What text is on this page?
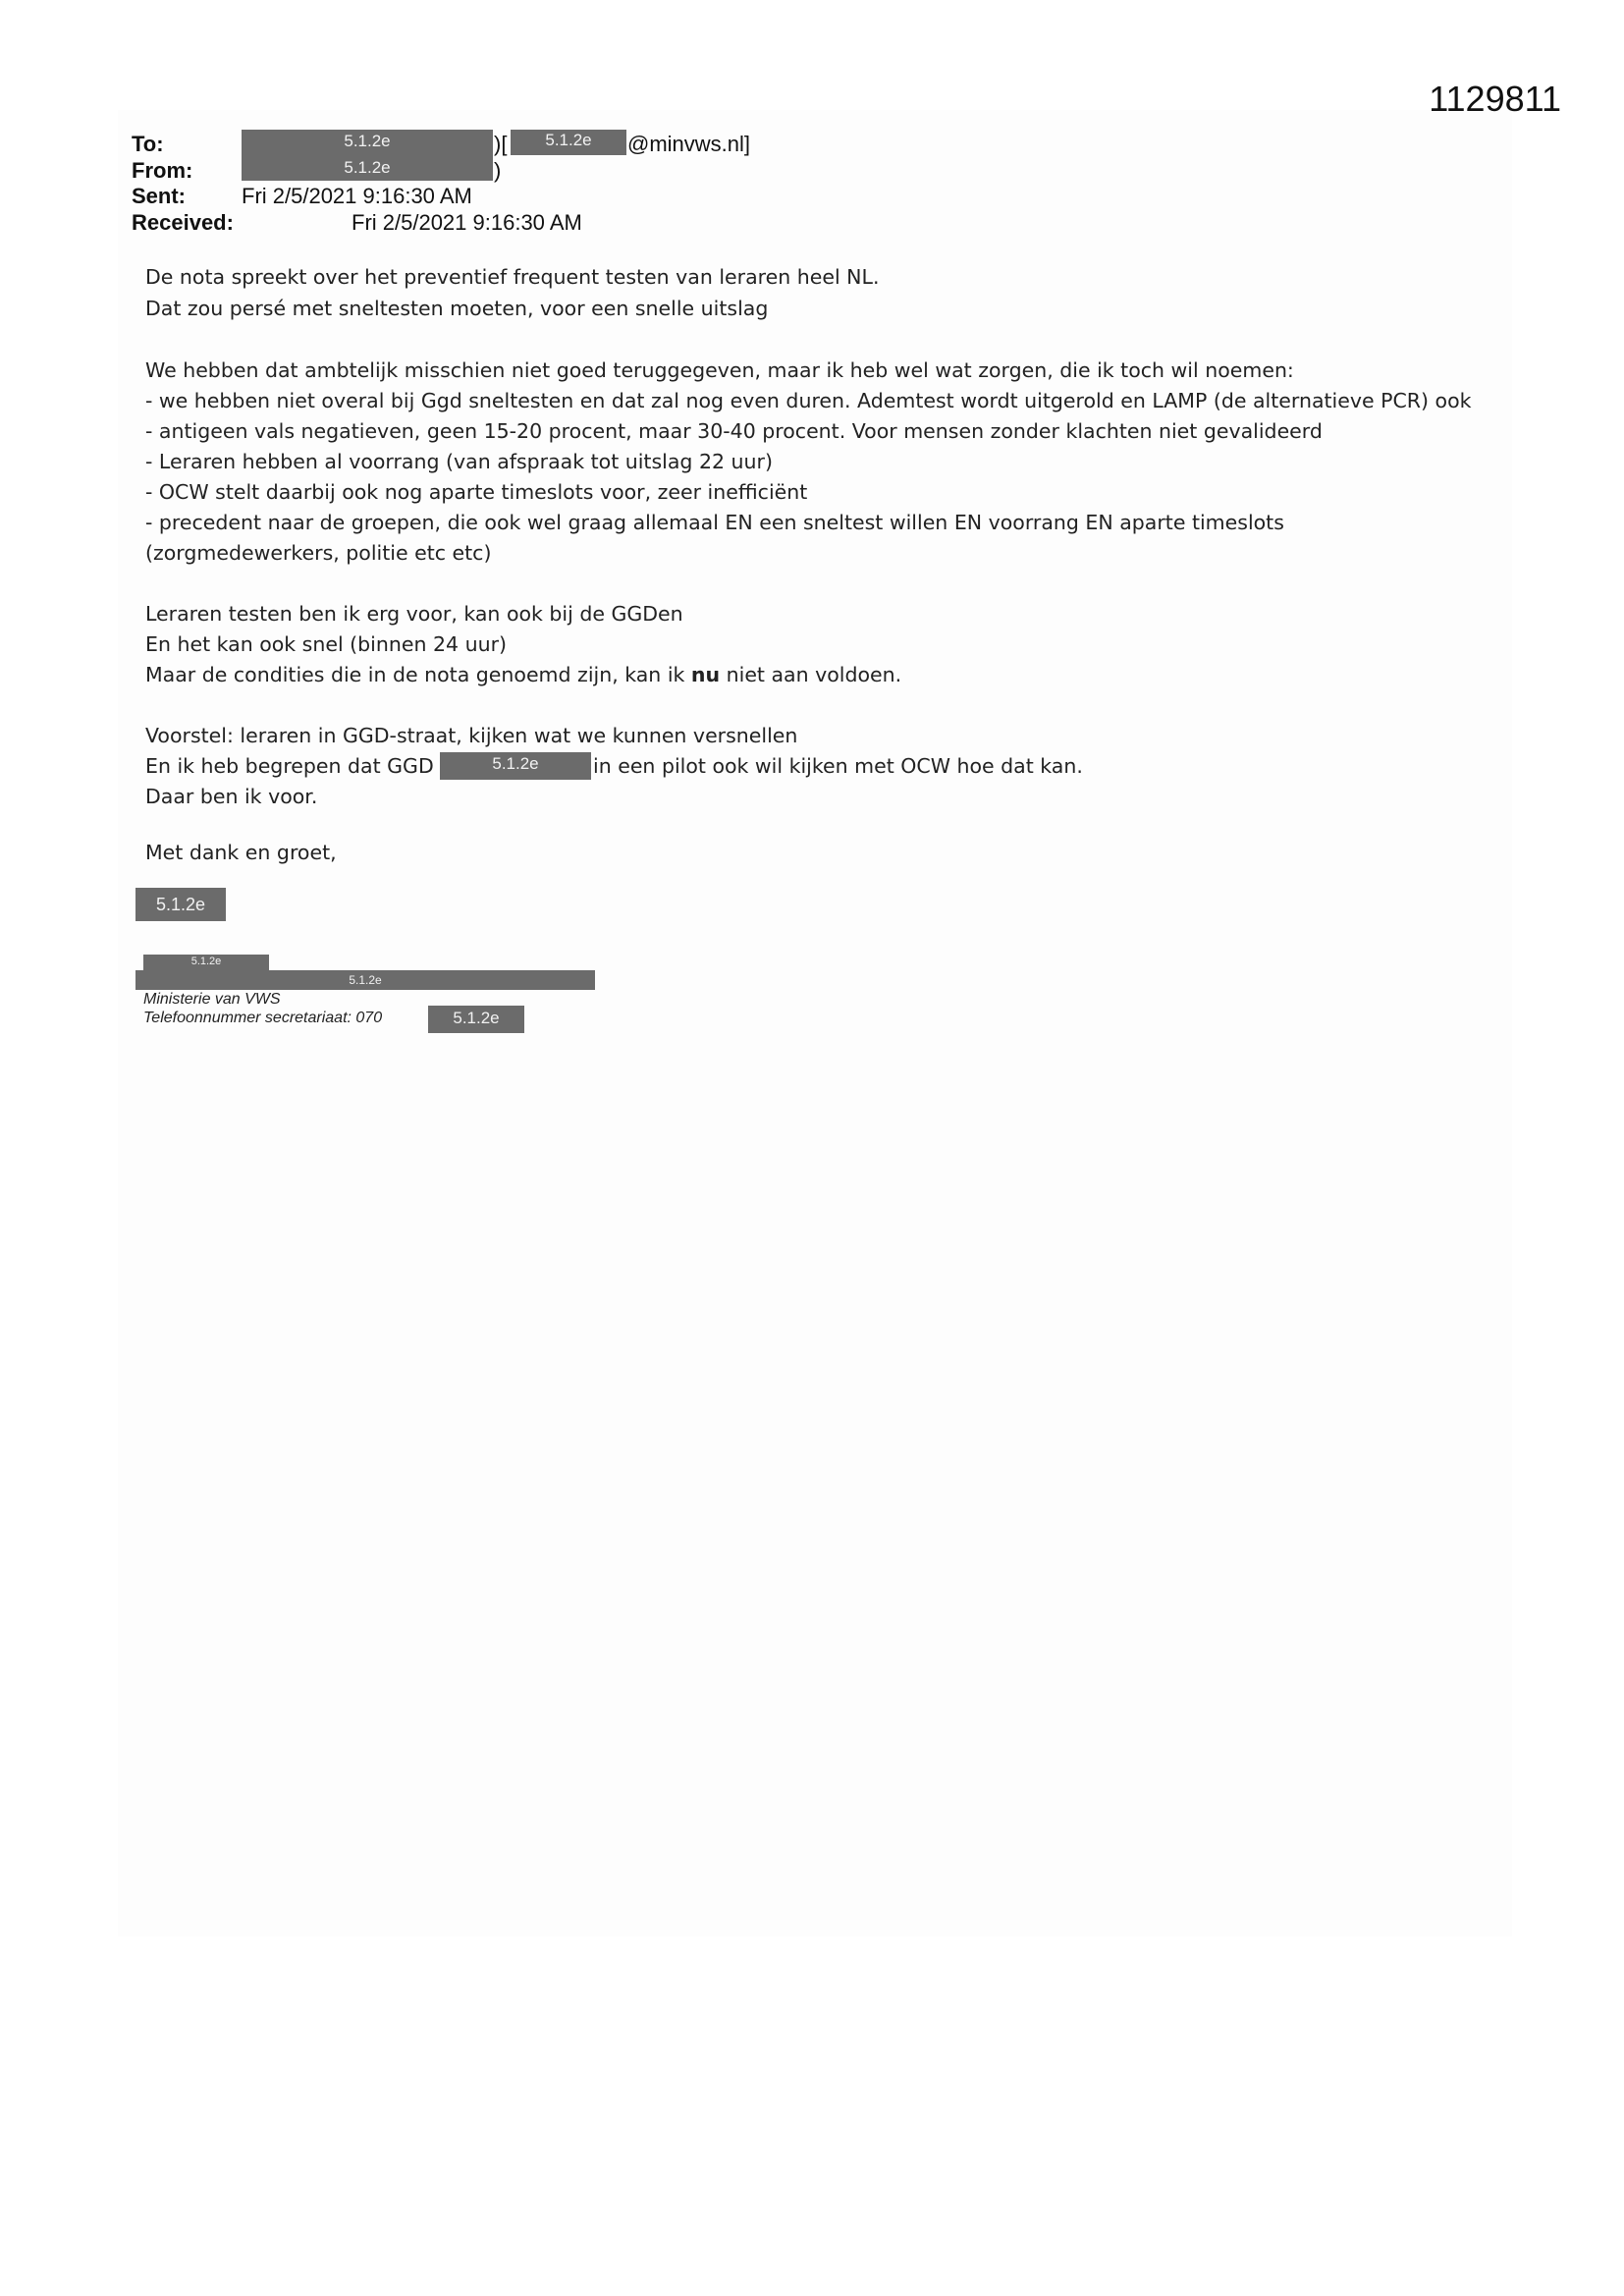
1129811
To:	5.1.2e	)[	5.1.2e	@minvws.nl]
From:	5.1.2e	)
Sent:	Fri 2/5/2021 9:16:30 AM
Received:	Fri 2/5/2021 9:16:30 AM
De nota spreekt over het preventief frequent testen van leraren heel NL.
Dat zou persé met sneltesten moeten, voor een snelle uitslag
We hebben dat ambtelijk misschien niet goed teruggegeven, maar ik heb wel wat zorgen, die ik toch wil noemen:
- we hebben niet overal bij Ggd sneltesten en dat zal nog even duren. Ademtest wordt uitgerold en LAMP (de alternatieve PCR) ook
- antigeen vals negatieven, geen 15-20 procent, maar 30-40 procent. Voor mensen zonder klachten niet gevalideerd
- Leraren hebben al voorrang (van afspraak tot uitslag 22 uur)
- OCW stelt daarbij ook nog aparte timeslots voor, zeer inefficiënt
- precedent naar de groepen, die ook wel graag allemaal EN een sneltest willen EN voorrang EN aparte timeslots
(zorgmedewerkers, politie etc etc)
Leraren testen ben ik erg voor, kan ook bij de GGDen
En het kan ook snel (binnen 24 uur)
Maar de condities die in de nota genoemd zijn, kan ik nu niet aan voldoen.
Voorstel: leraren in GGD-straat, kijken wat we kunnen versnellen
En ik heb begrepen dat GGD	in een pilot ook wil kijken met OCW hoe dat kan.
Daar ben ik voor.
Met dank en groet,
5.1.2e
5.1.2e
5.1.2e
5.1.2e
Ministerie van VWS
Telefoonnummer secretariaat: 070	5.1.2e
